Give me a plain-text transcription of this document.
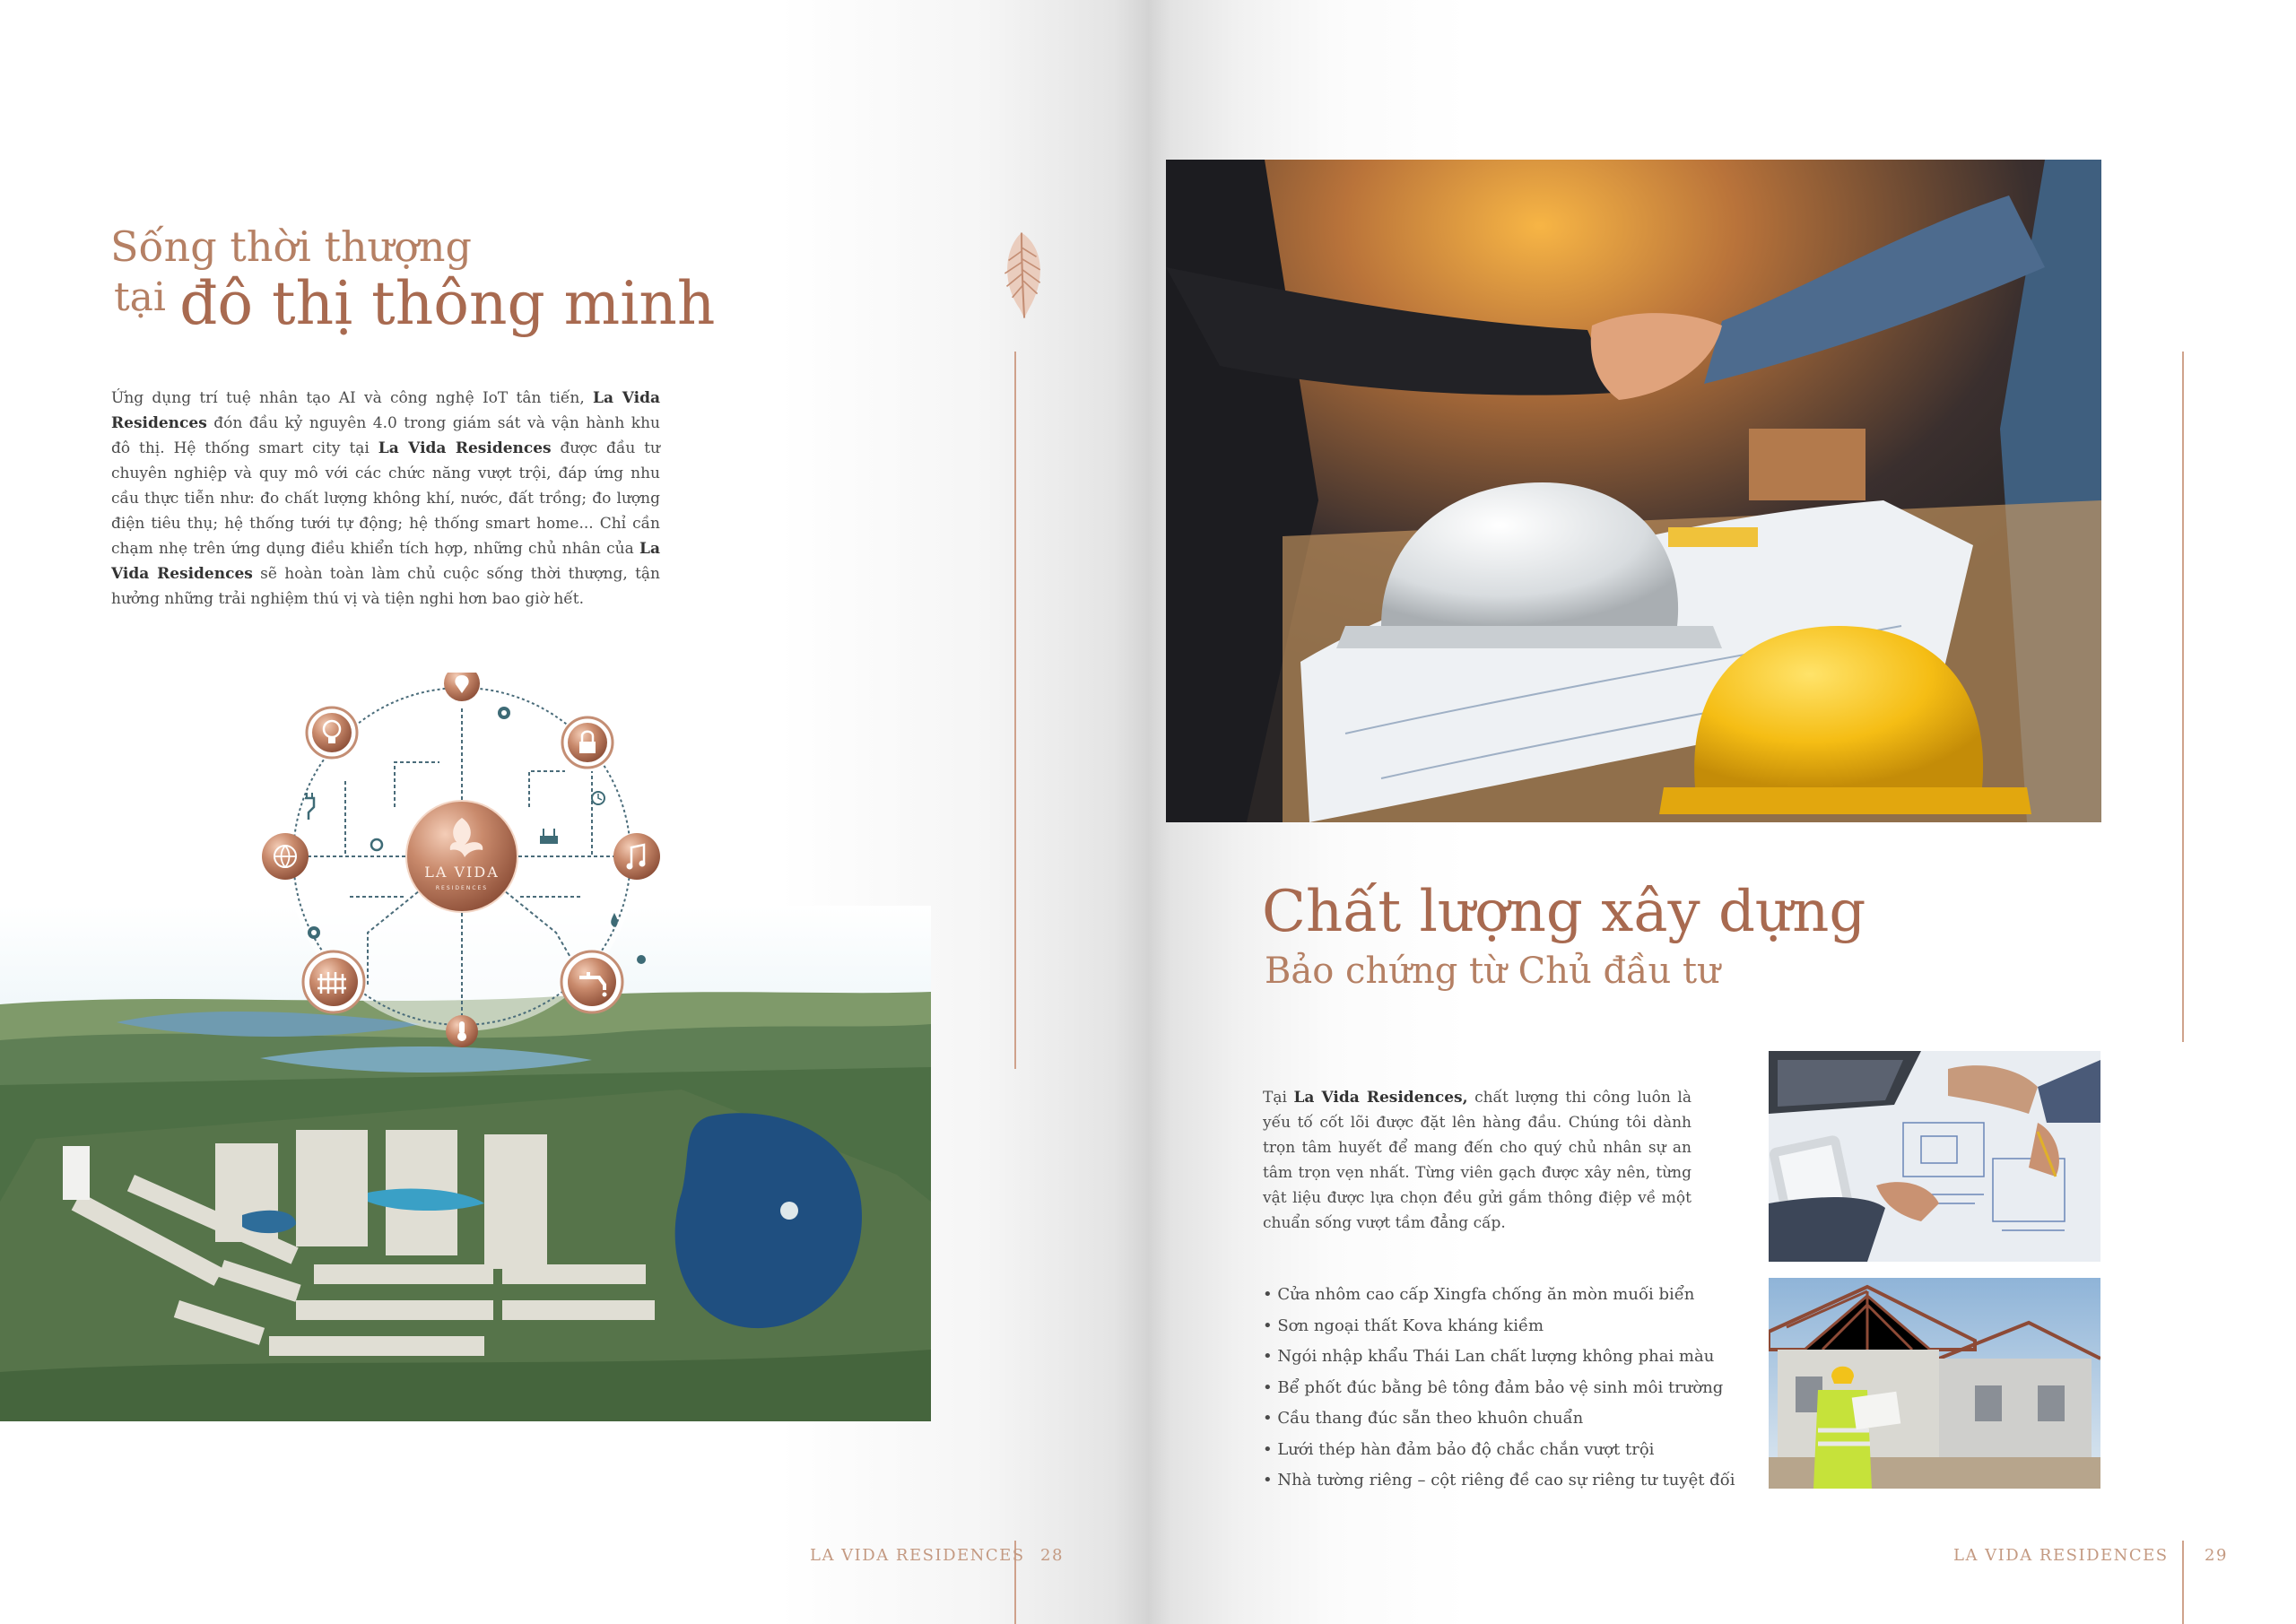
Sống thời thượng
tại đô thị thông minh

Ứng dụng trí tuệ nhân tạo AI và công nghệ IoT tân tiến, La Vida Residences đón đầu kỷ nguyên 4.0 trong giám sát và vận hành khu đô thị. Hệ thống smart city tại La Vida Residences được đầu tư chuyên nghiệp và quy mô với các chức năng vượt trội, đáp ứng nhu cầu thực tiễn như: đo chất lượng không khí, nước, đất trồng; đo lượng điện tiêu thụ; hệ thống tưới tự động; hệ thống smart home... Chỉ cần chạm nhẹ trên ứng dụng điều khiển tích hợp, những chủ nhân của La Vida Residences sẽ hoàn toàn làm chủ cuộc sống thời thượng, tận hưởng những trải nghiệm thú vị và tiện nghi hơn bao giờ hết.

LA VIDA
RESIDENCES
LA VIDA RESIDENCES 28
Chất lượng xây dựng
Bảo chứng từ Chủ đầu tư

Tại La Vida Residences, chất lượng thi công luôn là yếu tố cốt lõi được đặt lên hàng đầu. Chúng tôi dành trọn tâm huyết để mang đến cho quý chủ nhân sự an tâm trọn vẹn nhất. Từng viên gạch được xây nên, từng vật liệu được lựa chọn đều gửi gắm thông điệp về một chuẩn sống vượt tầm đẳng cấp.

• Cửa nhôm cao cấp Xingfa chống ăn mòn muối biển
• Sơn ngoại thất Kova kháng kiềm
• Ngói nhập khẩu Thái Lan chất lượng không phai màu
• Bể phốt đúc bằng bê tông đảm bảo vệ sinh môi trường
• Cầu thang đúc sẵn theo khuôn chuẩn
• Lưới thép hàn đảm bảo độ chắc chắn vượt trội
• Nhà tường riêng – cột riêng đề cao sự riêng tư tuyệt đối
LA VIDA RESIDENCES 29
